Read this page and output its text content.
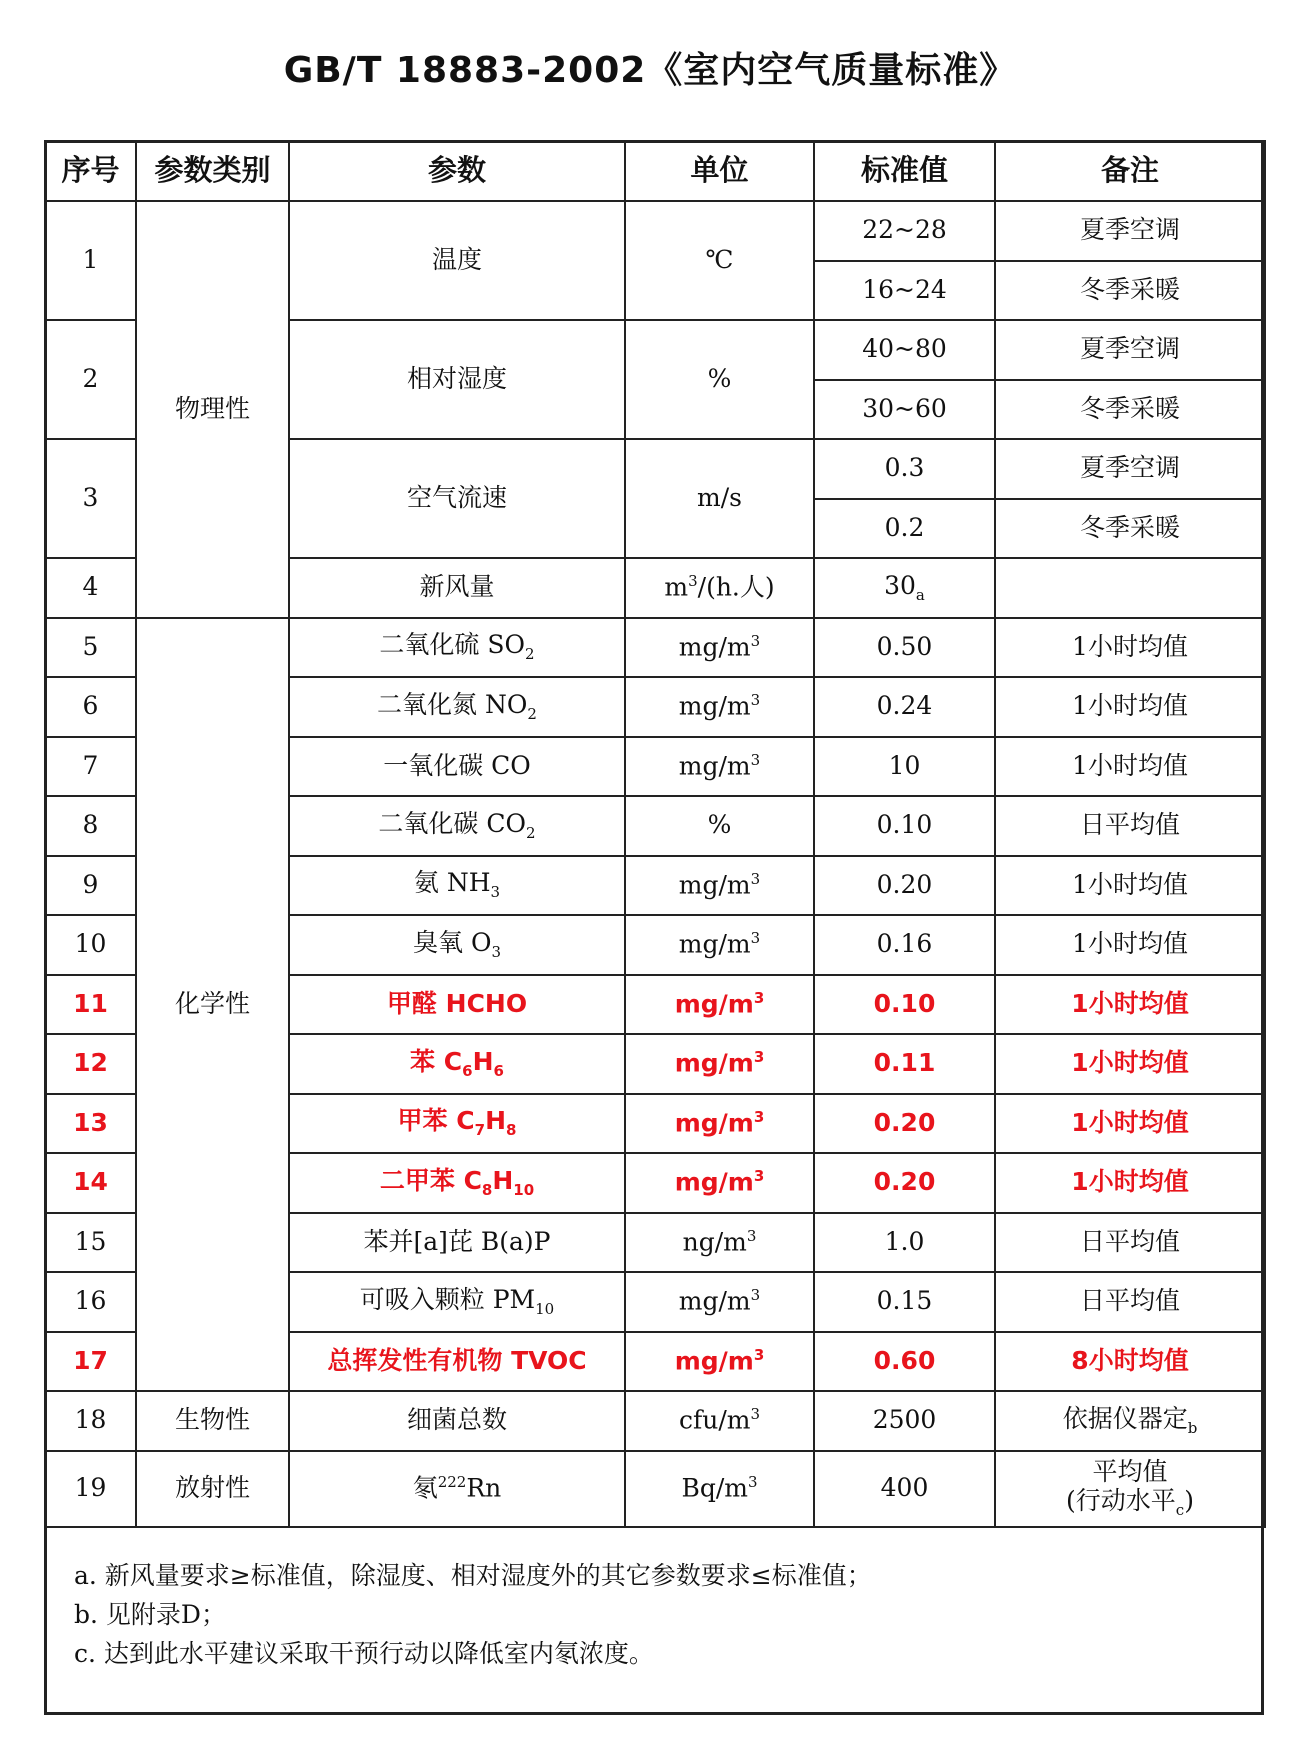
GB/T 18883-2002《室内空气质量标准》
序号	参数类别	参数	单位	标准值	备注
1	物理性	温度	℃	22~28	夏季空调
				16~24	冬季采暖
2		相对湿度	%	40~80	夏季空调
				30~60	冬季采暖
3		空气流速	m/s	0.3	夏季空调
				0.2	冬季采暖
4		新风量	$m^3/(h$.人)	$30_a$	
5	化学性	二氧化硫 $SO_2$	$mg/m^3$	0.50	1小时均值
6		二氧化氮 $NO_2$	$mg/m^3$	0.24	1小时均值
7		一氧化碳 CO	$mg/m^3$	10	1小时均值
8		二氧化碳 $CO_2$	%	0.10	日平均值
9		氨 $NH_3$	$mg/m^3$	0.20	1小时均值
10		臭氧 $O_3$	$mg/m^3$	0.16	1小时均值
11		甲醛 HCHO	$mg/m^3$	0.10	1小时均值
12		苯 $C_6H_6$	$mg/m^3$	0.11	1小时均值
13		甲苯 $C_7H_8$	$mg/m^3$	0.20	1小时均值
14		二甲苯 $C_8H_{10}$	$mg/m^3$	0.20	1小时均值
15		苯并[a]芘 B(a)P	$ng/m^3$	1.0	日平均值
16		可吸入颗粒 $PM_{10}$	$mg/m^3$	0.15	日平均值
17		总挥发性有机物 TVOC	$mg/m^3$	0.60	8小时均值
18	生物性	细菌总数	cfu/$m^3$	2500	依据仪器定$_b$
19	放射性	氡$^{222}$Rn	$Bq/m^3$	400	平均值
(行动水平$_c$)
a. 新风量要求≥标准值，除湿度、相对湿度外的其它参数要求≤标准值；
b. 见附录D；
c. 达到此水平建议采取干预行动以降低室内氡浓度。
